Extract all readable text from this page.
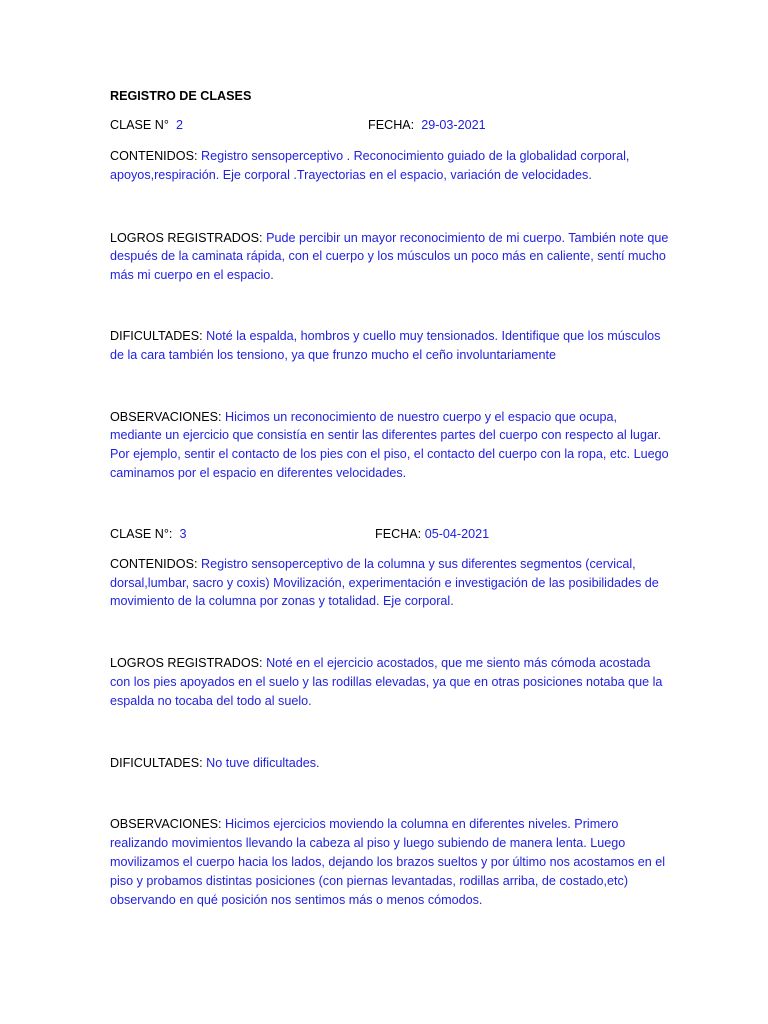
REGISTRO DE CLASES

CLASE N° 2	FECHA: 29-03-2021

CONTENIDOS: Registro sensoperceptivo . Reconocimiento guiado de la globalidad corporal, apoyos,respiración. Eje corporal .Trayectorias en el espacio, variación de velocidades.

LOGROS REGISTRADOS: Pude percibir un mayor reconocimiento de mi cuerpo. También note que después de la caminata rápida, con el cuerpo y los músculos un poco más en caliente, sentí mucho más mi cuerpo en el espacio.

DIFICULTADES: Noté la espalda, hombros y cuello muy tensionados. Identifique que los músculos de la cara también los tensiono, ya que frunzo mucho el ceño involuntariamente

OBSERVACIONES: Hicimos un reconocimiento de nuestro cuerpo y el espacio que ocupa, mediante un ejercicio que consistía en sentir las diferentes partes del cuerpo con respecto al lugar. Por ejemplo, sentir el contacto de los pies con el piso, el contacto del cuerpo con la ropa, etc. Luego caminamos por el espacio en diferentes velocidades.

CLASE N°: 3	FECHA: 05-04-2021

CONTENIDOS: Registro sensoperceptivo de la columna y sus diferentes segmentos (cervical, dorsal,lumbar, sacro y coxis) Movilización, experimentación e investigación de las posibilidades de movimiento de la columna por zonas y totalidad. Eje corporal.

LOGROS REGISTRADOS: Noté en el ejercicio acostados, que me siento más cómoda acostada con los pies apoyados en el suelo y las rodillas elevadas, ya que en otras posiciones notaba que la espalda no tocaba del todo al suelo.

DIFICULTADES: No tuve dificultades.

OBSERVACIONES: Hicimos ejercicios moviendo la columna en diferentes niveles. Primero realizando movimientos llevando la cabeza al piso y luego subiendo de manera lenta. Luego movilizamos el cuerpo hacia los lados, dejando los brazos sueltos y por último nos acostamos en el piso y probamos distintas posiciones (con piernas levantadas, rodillas arriba, de costado,etc) observando en qué posición nos sentimos más o menos cómodos.
